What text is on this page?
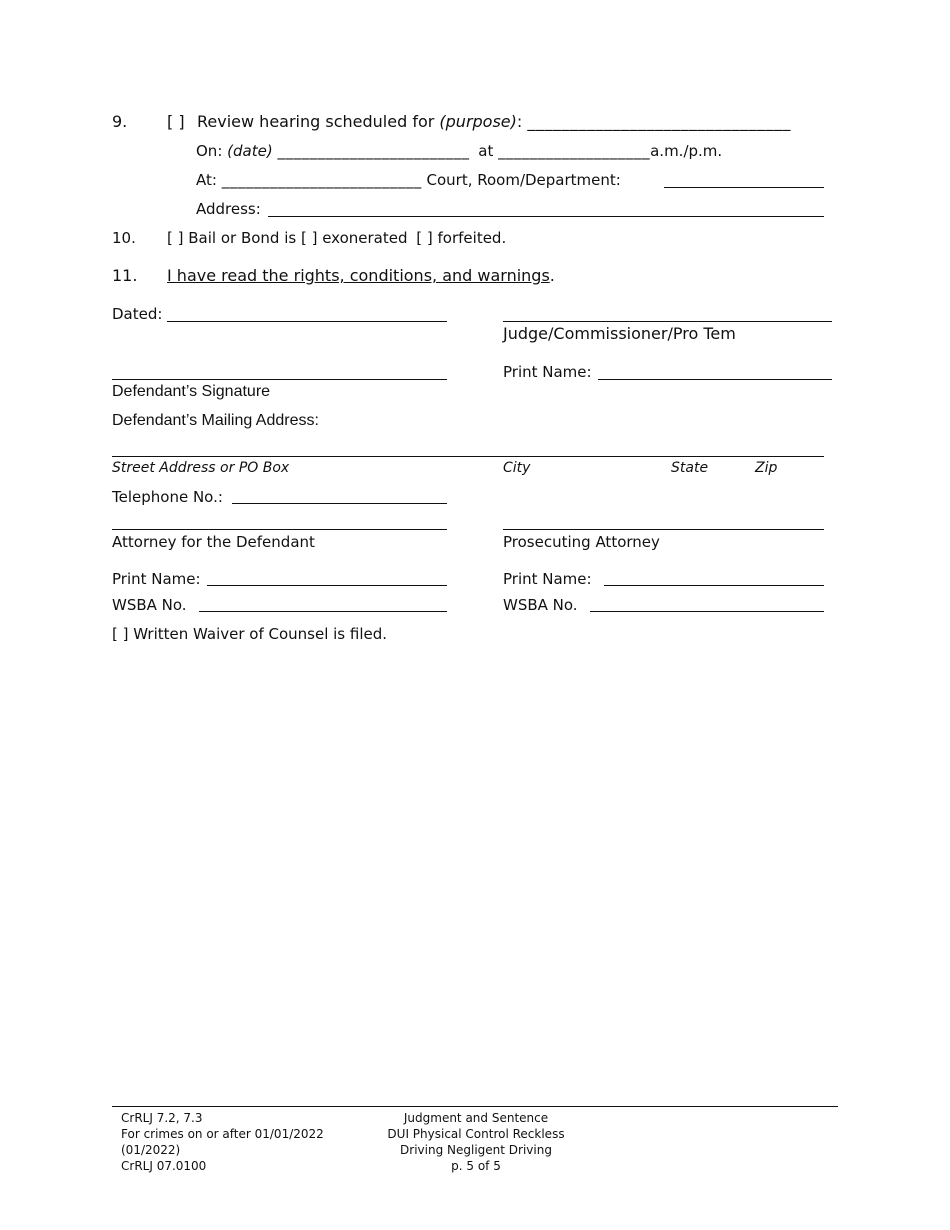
9. [ ] Review hearing scheduled for (purpose): _______________________________
On: (date) ________________________ at ___________________a.m./p.m.
At: _________________________ Court, Room/Department:
Address:
10. [ ] Bail or Bond is [ ] exonerated [ ] forfeited.
11. I have read the rights, conditions, and warnings.
Dated:
Judge/Commissioner/Pro Tem
Print Name:
Defendant’s Signature
Defendant’s Mailing Address:
Street Address or PO Box	City	State	Zip
Telephone No.:
Attorney for the Defendant	Prosecuting Attorney
Print Name:	Print Name:
WSBA No.	WSBA No.
[ ] Written Waiver of Counsel is filed.
CrRLJ 7.2, 7.3
For crimes on or after 01/01/2022
(01/2022)
CrRLJ 07.0100
Judgment and Sentence
DUI Physical Control Reckless
Driving Negligent Driving
p. 5 of 5
